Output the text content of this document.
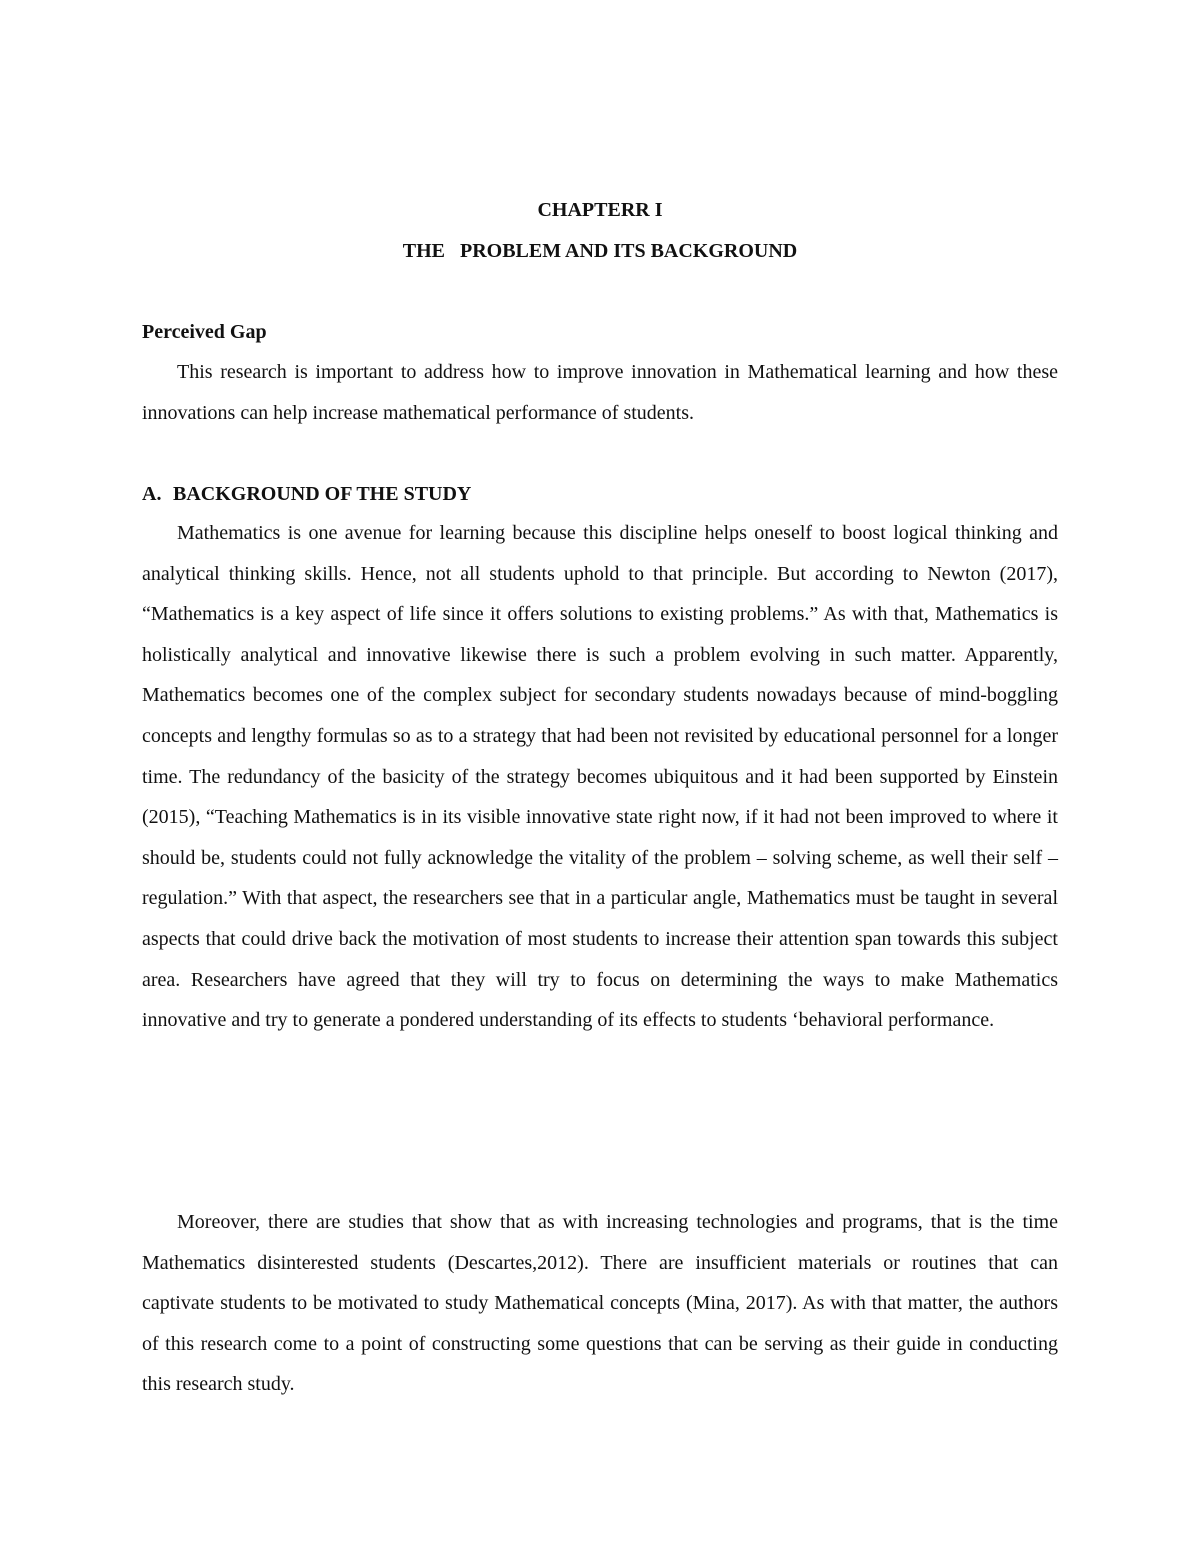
CHAPTERR I
THE   PROBLEM AND ITS BACKGROUND
Perceived Gap
This research is important to address how to improve innovation in Mathematical learning and how these innovations can help increase mathematical performance of students.
A. BACKGROUND OF THE STUDY
Mathematics is one avenue for learning because this discipline helps oneself to boost logical thinking and analytical thinking skills. Hence, not all students uphold to that principle. But according to Newton (2017), “Mathematics is a key aspect of life since it offers solutions to existing problems.” As with that, Mathematics is holistically analytical and innovative likewise there is such a problem evolving in such matter. Apparently, Mathematics becomes one of the complex subject for secondary students nowadays because of mind-boggling concepts and lengthy formulas so as to a strategy that had been not revisited by educational personnel for a longer time. The redundancy of the basicity of the strategy becomes ubiquitous and it had been supported by Einstein (2015), “Teaching Mathematics is in its visible innovative state right now, if it had not been improved to where it should be, students could not fully acknowledge the vitality of the problem – solving scheme, as well their self –regulation.” With that aspect, the researchers see that in a particular angle, Mathematics must be taught in several aspects that could drive back the motivation of most students to increase their attention span towards this subject area. Researchers have agreed that they will try to focus on determining the ways to make Mathematics innovative and try to generate a pondered understanding of its effects to students ‘behavioral performance.
Moreover, there are studies that show that as with increasing technologies and programs, that is the time Mathematics disinterested students (Descartes,2012). There are insufficient materials or routines that can captivate students to be motivated to study Mathematical concepts (Mina, 2017). As with that matter, the authors of this research come to a point of constructing some questions that can be serving as their guide in conducting this research study.
